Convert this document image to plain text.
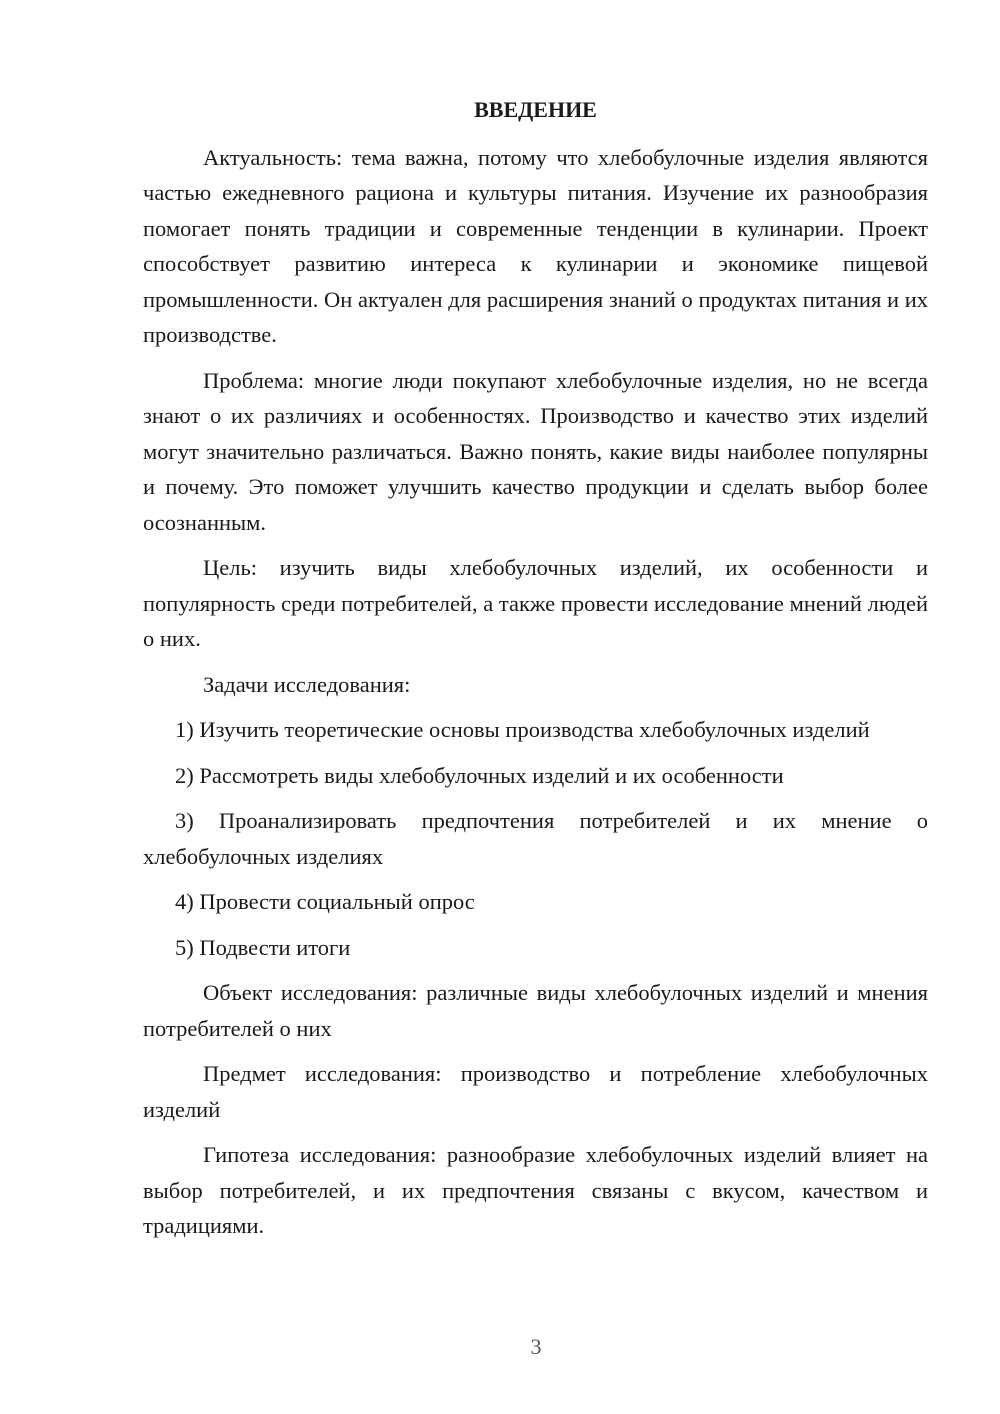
ВВЕДЕНИЕ

Актуальность: тема важна, потому что хлебобулочные изделия являются частью ежедневного рациона и культуры питания. Изучение их разнообразия помогает понять традиции и современные тенденции в кулинарии. Проект способствует развитию интереса к кулинарии и экономике пищевой промышленности. Он актуален для расширения знаний о продуктах питания и их производстве.

Проблема: многие люди покупают хлебобулочные изделия, но не всегда знают о их различиях и особенностях. Производство и качество этих изделий могут значительно различаться. Важно понять, какие виды наиболее популярны и почему. Это поможет улучшить качество продукции и сделать выбор более осознанным.

Цель: изучить виды хлебобулочных изделий, их особенности и популярность среди потребителей, а также провести исследование мнений людей о них.

Задачи исследования:

1) Изучить теоретические основы производства хлебобулочных изделий

2) Рассмотреть виды хлебобулочных изделий и их особенности

3) Проанализировать предпочтения потребителей и их мнение о хлебобулочных изделиях

4) Провести социальный опрос

5) Подвести итоги

Объект исследования: различные виды хлебобулочных изделий и мнения потребителей о них

Предмет исследования: производство и потребление хлебобулочных изделий

Гипотеза исследования: разнообразие хлебобулочных изделий влияет на выбор потребителей, и их предпочтения связаны с вкусом, качеством и традициями.

3
